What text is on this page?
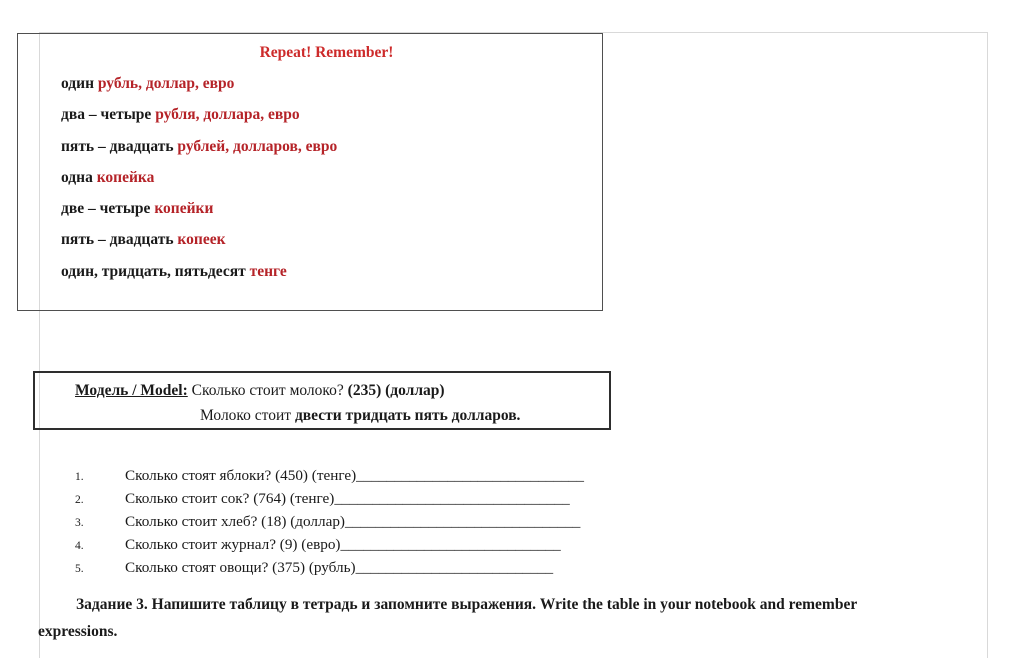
Repeat! Remember!
один рубль, доллар, евро
два – четыре рубля, доллара, евро
пять – двадцать рублей, долларов, евро
одна копейка
две – четыре копейки
пять – двадцать копеек
один, тридцать, пятьдесят тенге
Модель / Model: Сколько стоит молоко? (235) (доллар)
Молоко стоит двести тридцать пять долларов.
1.	Сколько стоят яблоки? (450) (тенге) ______________________________
2.	Сколько стоит сок? (764) (тенге) _______________________________
3.	Сколько стоит хлеб? (18) (доллар) _______________________________
4.	Сколько стоит журнал? (9) (евро) _____________________________
5.	Сколько стоят овощи? (375) (рубль) __________________________
Задание 3. Напишите таблицу в тетрадь и запомните выражения. Write the table in your notebook and remember
expressions.
